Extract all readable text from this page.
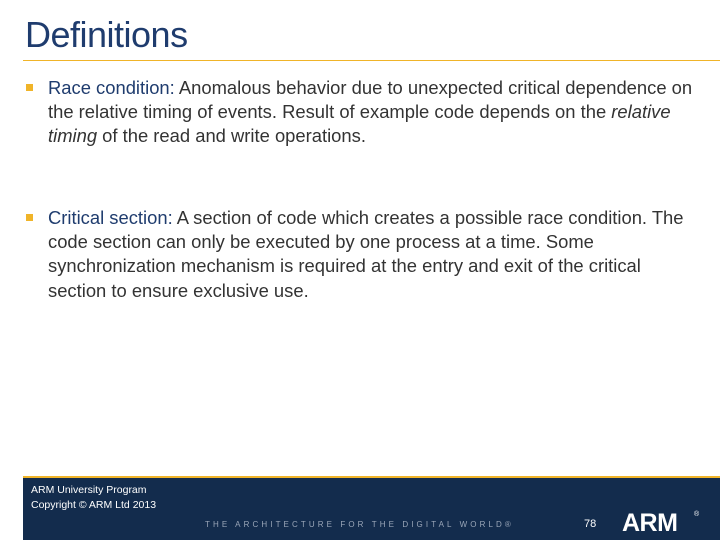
Definitions
Race condition: Anomalous behavior due to unexpected critical dependence on the relative timing of events. Result of example code depends on the relative timing of the read and write operations.
Critical section: A section of code which creates a possible race condition. The code section can only be executed by one process at a time. Some synchronization mechanism is required at the entry and exit of the critical section to ensure exclusive use.
ARM University Program
Copyright © ARM Ltd 2013
THE ARCHITECTURE FOR THE DIGITAL WORLD®	78 ARM ®
